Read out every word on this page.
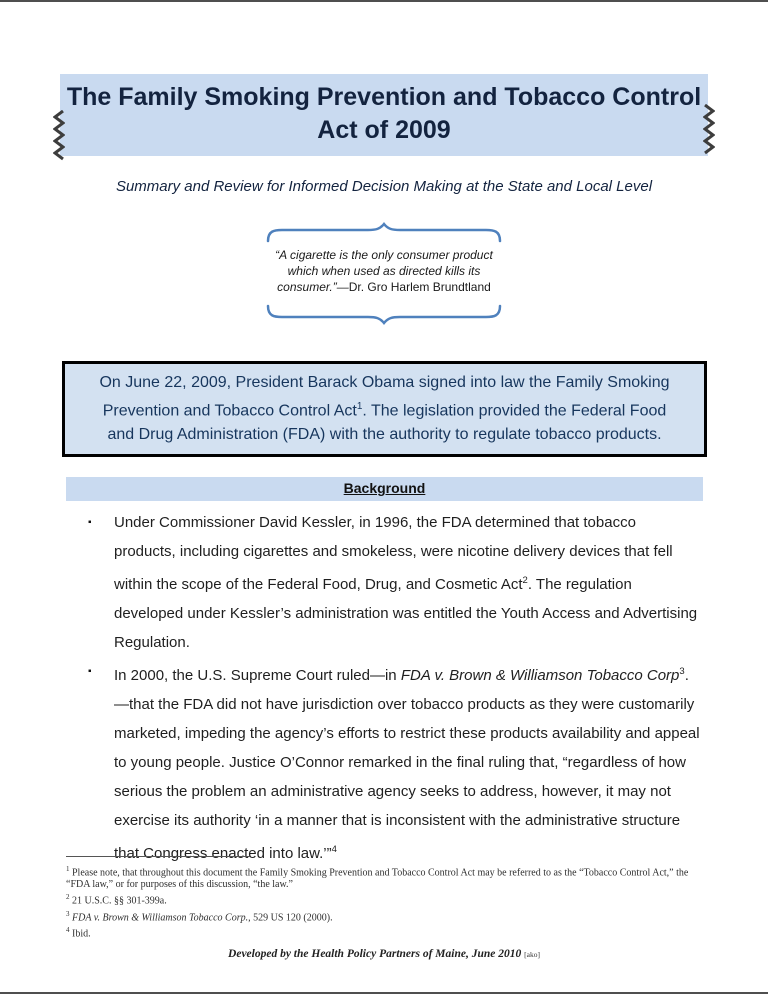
The Family Smoking Prevention and Tobacco Control Act of 2009
Summary and Review for Informed Decision Making at the State and Local Level
“A cigarette is the only consumer product
which when used as directed kills its
consumer.”—Dr. Gro Harlem Brundtland
On June 22, 2009, President Barack Obama signed into law the Family Smoking Prevention and Tobacco Control Act$^1$. The legislation provided the Federal Food and Drug Administration (FDA) with the authority to regulate tobacco products.
Background
▪	Under Commissioner David Kessler, in 1996, the FDA determined that tobacco products, including cigarettes and smokeless, were nicotine delivery devices that fell within the scope of the Federal Food, Drug, and Cosmetic Act$^2$. The regulation developed under Kessler’s administration was entitled the Youth Access and Advertising Regulation.

▪	In 2000, the U.S. Supreme Court ruled—in FDA v. Brown & Williamson Tobacco Corp$^3$.—that the FDA did not have jurisdiction over tobacco products as they were customarily marketed, impeding the agency’s efforts to restrict these products availability and appeal to young people. Justice O’Connor remarked in the final ruling that, “regardless of how serious the problem an administrative agency seeks to address, however, it may not exercise its authority ‘in a manner that is inconsistent with the administrative structure that Congress enacted into law.’”$^4$

$^1$ Please note, that throughout this document the Family Smoking Prevention and Tobacco Control Act may be referred to as the “Tobacco Control Act,” the “FDA law,” or for purposes of this discussion, “the law.”
$^2$ 21 U.S.C. §§ 301-399a.
$^3$ FDA v. Brown & Williamson Tobacco Corp., 529 US 120 (2000).
$^4$ Ibid.
Developed by the Health Policy Partners of Maine, June 2010 [ako]
